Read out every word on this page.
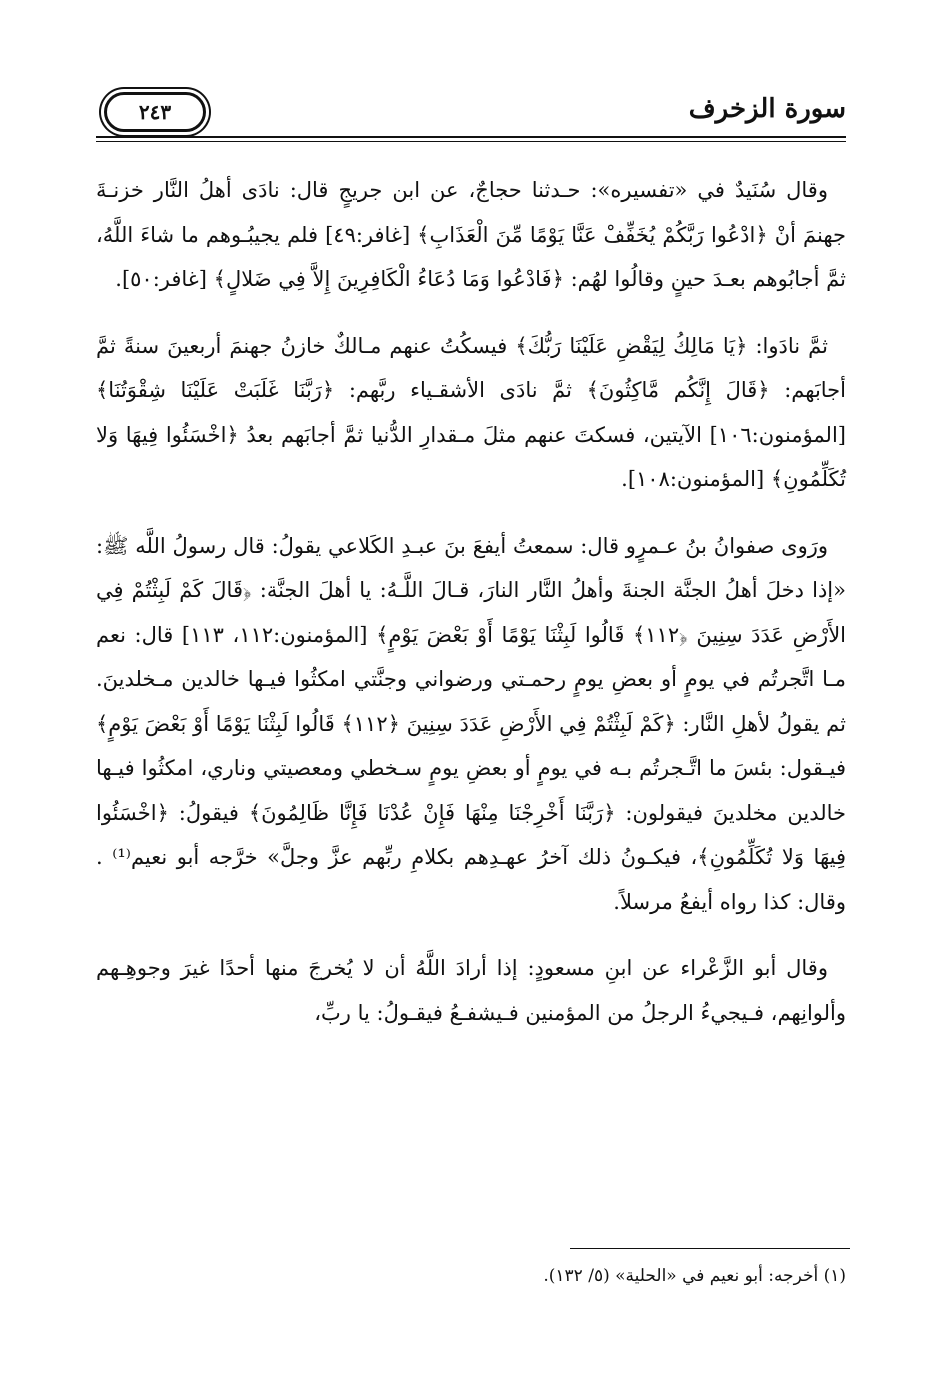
سورة الزخرف
٢٤٣

وقال سُنَيدٌ في «تفسيره»: حـدثنا حجاجٌ، عن ابن جريجٍ قال: نادَى أهلُ النَّار خزنـةَ جهنمَ أنْ ﴿ادْعُوا رَبَّكُمْ يُخَفِّفْ عَنَّا يَوْمًا مِّنَ الْعَذَابِ﴾ [غافر:٤٩] فلم يجيبُـوهم ما شاءَ اللَّهُ، ثمَّ أجابُوهم بعـدَ حينٍ وقالُوا لهُم: ﴿فَادْعُوا وَمَا دُعَاءُ الْكَافِرِينَ إِلاَّ فِي ضَلالٍ﴾ [غافر:٥٠].

ثمَّ نادَوا: ﴿يَا مَالِكُ لِيَقْضِ عَلَيْنَا رَبُّكَ﴾ فيسكُتُ عنهم مـالكٌ خازنُ جهنمَ أربعينَ سنةً ثمَّ أجابَهم: ﴿قَالَ إِنَّكُم مَّاكِثُونَ﴾ ثمَّ نادَى الأشقـياء ربَّهم: ﴿رَبَّنَا غَلَبَتْ عَلَيْنَا شِقْوَتُنَا﴾ [المؤمنون:١٠٦] الآيتين، فسكتَ عنهم مثلَ مـقدارِ الدُّنيا ثمَّ أجابَهم بعدُ ﴿اخْسَئُوا فِيهَا وَلا تُكَلِّمُونِ﴾ [المؤمنون:١٠٨].

ورَوى صفوانُ بنُ عـمرٍو قال: سمعتُ أيفعَ بنَ عبـدِ الكَلاعي يقولُ: قال رسولُ اللَّه ﷺ: «إذا دخلَ أهلُ الجنَّة الجنةَ وأهلُ النَّار النارَ، قـالَ اللَّـهُ: يا أهلَ الجنَّة: ﴿قَالَ كَمْ لَبِثْتُمْ فِي الأَرْضِ عَدَدَ سِنِينَ ﴿١١٢﴾ قَالُوا لَبِثْنَا يَوْمًا أَوْ بَعْضَ يَوْمٍ﴾ [المؤمنون:١١٢، ١١٣] قال: نعم مـا اتَّجرتُم في يومٍ أو بعضِ يومٍ رحمـتي ورضواني وجنَّتي امكثُوا فيـها خالدين مـخلدينَ. ثم يقولُ لأهلِ النَّار: ﴿كَمْ لَبِثْتُمْ فِي الأَرْضِ عَدَدَ سِنِينَ ﴿١١٢﴾ قَالُوا لَبِثْنَا يَوْمًا أَوْ بَعْضَ يَوْمٍ﴾ فيـقول: بئسَ ما اتَّـجرتُم بـه في يومٍ أو بعضِ يومٍ سـخطي ومعصيتي وناري، امكثُوا فيـها خالدين مخلدينَ فيقولون: ﴿رَبَّنَا أَخْرِجْنَا مِنْهَا فَإِنْ عُدْنَا فَإِنَّا ظَالِمُونَ﴾ فيقولُ: ﴿اخْسَئُوا فِيهَا وَلا تُكَلِّمُونِ﴾، فيكـونُ ذلك آخرُ عهـدِهم بكلامِ ربِّهم عزَّ وجلَّ» خرَّجه أبو نعيم⁽¹⁾ . وقال: كذا رواه أيفعُ مرسلاً.

وقال أبو الزَّعْراء عن ابنِ مسعودٍ: إذا أرادَ اللَّهُ أن لا يُخرجَ منها أحدًا غيرَ وجوهِـهم وألوانِهم، فـيجيءُ الرجلُ من المؤمنين فـيشفـعُ فيقـولُ: يا ربِّ،

(١) أخرجه: أبو نعيم في «الحلية» (٥/ ١٣٢).
